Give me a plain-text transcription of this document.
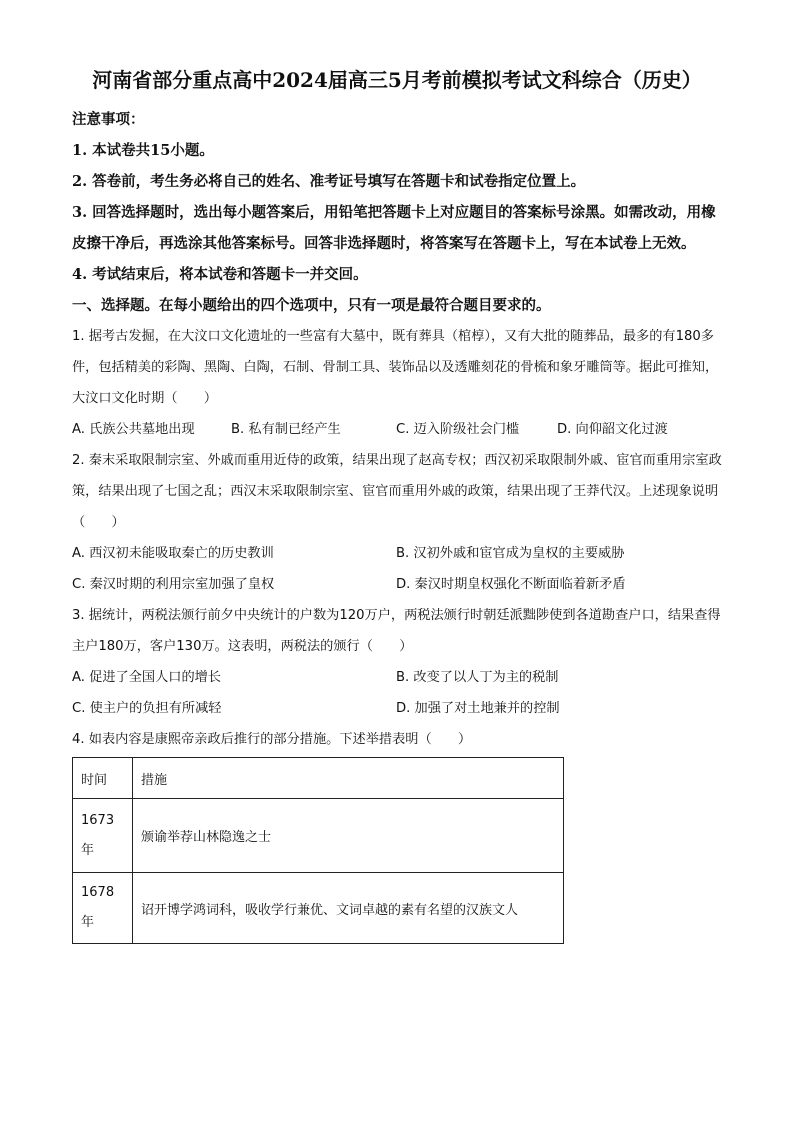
河南省部分重点高中2024届高三5月考前模拟考试文科综合（历史）

注意事项：

1. 本试卷共15小题。

2. 答卷前，考生务必将自己的姓名、准考证号填写在答题卡和试卷指定位置上。

3. 回答选择题时，选出每小题答案后，用铅笔把答题卡上对应题目的答案标号涂黑。如需改动，用橡皮擦干净后，再选涂其他答案标号。回答非选择题时，将答案写在答题卡上，写在本试卷上无效。

4. 考试结束后，将本试卷和答题卡一并交回。

一、选择题。在每小题给出的四个选项中，只有一项是最符合题目要求的。

1. 据考古发掘，在大汶口文化遗址的一些富有大墓中，既有葬具（棺椁），又有大批的随葬品，最多的有180多件，包括精美的彩陶、黑陶、白陶，石制、骨制工具、装饰品以及透雕刻花的骨梳和象牙雕筒等。据此可推知，大汶口文化时期（　　）

A. 氏族公共墓地出现	B. 私有制已经产生	C. 迈入阶级社会门槛	D. 向仰韶文化过渡

2. 秦末采取限制宗室、外戚而重用近侍的政策，结果出现了赵高专权；西汉初采取限制外戚、宦官而重用宗室政策，结果出现了七国之乱；西汉末采取限制宗室、宦官而重用外戚的政策，结果出现了王莽代汉。上述现象说明（　　）

A. 西汉初未能吸取秦亡的历史教训	B. 汉初外戚和宦官成为皇权的主要威胁
C. 秦汉时期的利用宗室加强了皇权	D. 秦汉时期皇权强化不断面临着新矛盾

3. 据统计，两税法颁行前夕中央统计的户数为120万户，两税法颁行时朝廷派黜陟使到各道勘查户口，结果查得主户180万，客户130万。这表明，两税法的颁行（　　）

A. 促进了全国人口的增长	B. 改变了以人丁为主的税制
C. 使主户的负担有所减轻	D. 加强了对土地兼并的控制

4. 如表内容是康熙帝亲政后推行的部分措施。下述举措表明（　　）

时间	措施

1673
年	颁谕举荐山林隐逸之士

1678
年	诏开博学鸿词科，吸收学行兼优、文词卓越的素有名望的汉族文人
